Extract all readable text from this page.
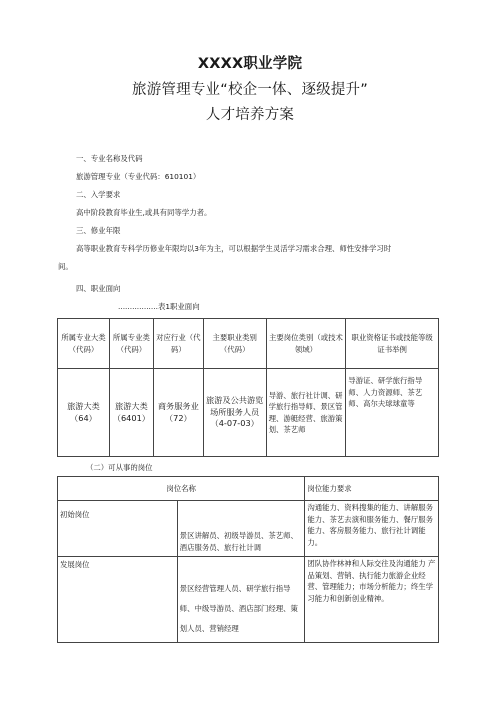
XXXX职业学院
旅游管理专业“校企一体、逐级提升”
人才培养方案
一、专业名称及代码
旅游管理专业（专业代码：610101）
二、入学要求
高中阶段教育毕业生,或具有同等学力者。
三、修业年限
高等职业教育专科学历修业年限均以3年为主，可以根据学生灵活学习需求合理、师性安排学习时
间。
四、职业面向
.................表1职业面向
所属专业大类（代码）	所属专业类（代码）	对应行业（代码）	主要职业类别（代码）	主要岗位类别（或技术领域）	职业资格证书或技能等级证书举例
旅游大类（64）	旅游大类（6401）	商务服务业（72）	旅游及公共游览场所服务人员（4-07-03）	导游、旅行社计调、研学旅行指导师、景区管理、游艇经营、旅游策划、茶艺师	导游证、研学旅行指导师、人力资源师、茶艺师、高尔夫球球童等
（二）可从事的岗位
岗位名称		岗位能力要求
初始岗位	景区讲解员、初级导游员、茶艺师、酒店服务员、旅行社计调	沟通能力、资料搜集的能力、讲解服务能力、茶艺去演和服务能力、餐厅服务能力、客房服务能力、旅行社计调能力。
发展岗位	景区经营管理人员、研学旅行指导师、中级导游员、酒店部门经理、策划人员、营销经理	团队协作林神和人际交往及沟通能力 产品策划、营销、执行能力旅游企业经营、管理能力；市场分析能力；终生学习能力和创新创业精神。
